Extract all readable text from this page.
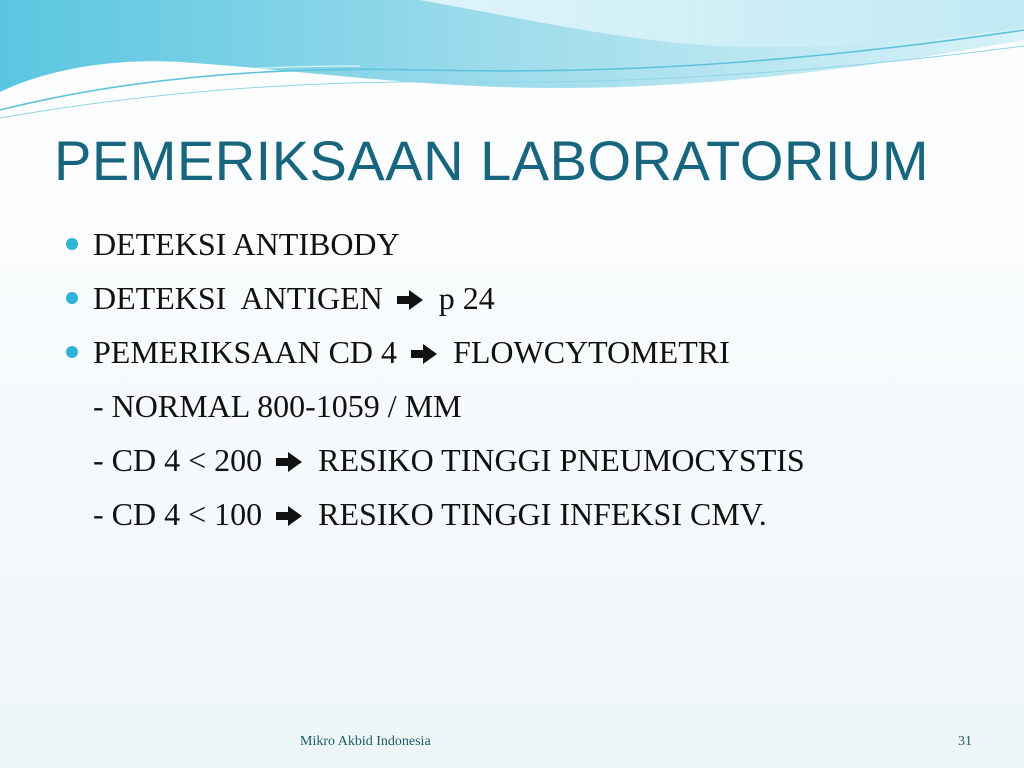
PEMERIKSAAN LABORATORIUM
DETEKSI ANTIBODY
DETEKSI  ANTIGEN p 24
PEMERIKSAAN CD 4 FLOWCYTOMETRI
- NORMAL 800-1059 / MM
- CD 4 < 200 RESIKO TINGGI PNEUMOCYSTIS
- CD 4 < 100 RESIKO TINGGI INFEKSI CMV.
Mikro Akbid Indonesia	31
